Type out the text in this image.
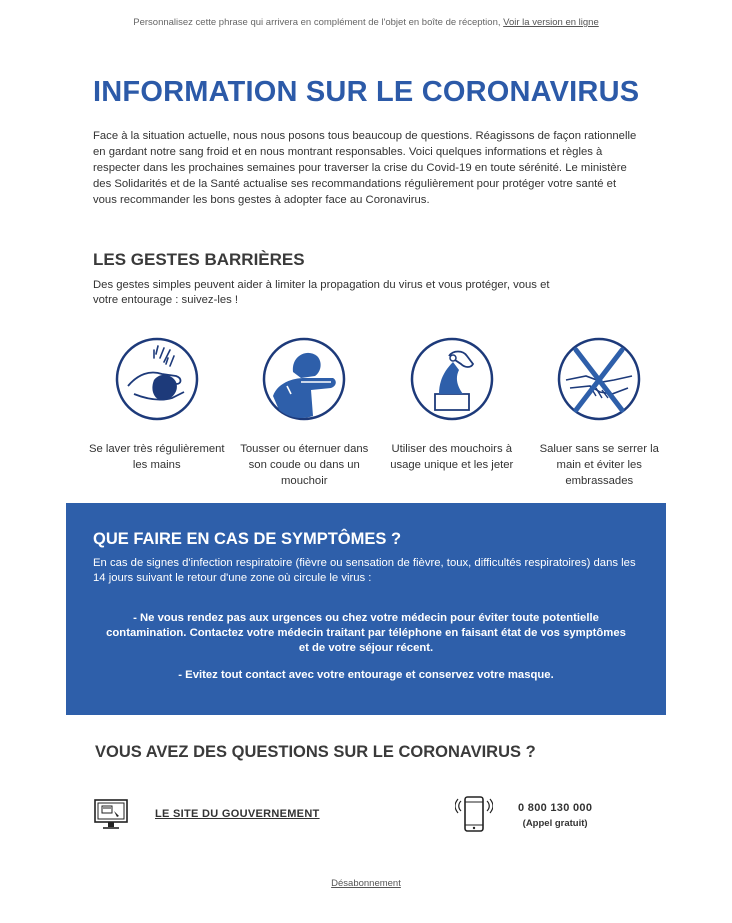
Personnalisez cette phrase qui arrivera en complément de l'objet en boîte de réception, Voir la version en ligne
INFORMATION SUR LE CORONAVIRUS
Face à la situation actuelle, nous nous posons tous beaucoup de questions. Réagissons de façon rationnelle en gardant notre sang froid et en nous montrant responsables. Voici quelques informations et règles à respecter dans les prochaines semaines pour traverser la crise du Covid-19 en toute sérénité. Le ministère des Solidarités et de la Santé actualise ses recommandations régulièrement pour protéger votre santé et vous recommander les bons gestes à adopter face au Coronavirus.
LES GESTES BARRIÈRES
Des gestes simples peuvent aider à limiter la propagation du virus et vous protéger, vous et votre entourage : suivez-les !
Se laver très régulièrement les mains
Tousser ou éternuer dans son coude ou dans un mouchoir
Utiliser des mouchoirs à usage unique et les jeter
Saluer sans se serrer la main et éviter les embrassades
QUE FAIRE EN CAS DE SYMPTÔMES ?
En cas de signes d'infection respiratoire (fièvre ou sensation de fièvre, toux, difficultés respiratoires) dans les 14 jours suivant le retour d'une zone où circule le virus :
- Ne vous rendez pas aux urgences ou chez votre médecin pour éviter toute potentielle contamination. Contactez votre médecin traitant par téléphone en faisant état de vos symptômes et de votre séjour récent.
- Evitez tout contact avec votre entourage et conservez votre masque.
VOUS AVEZ DES QUESTIONS SUR LE CORONAVIRUS ?
LE SITE DU GOUVERNEMENT
0 800 130 000
(Appel gratuit)
Désabonnement
